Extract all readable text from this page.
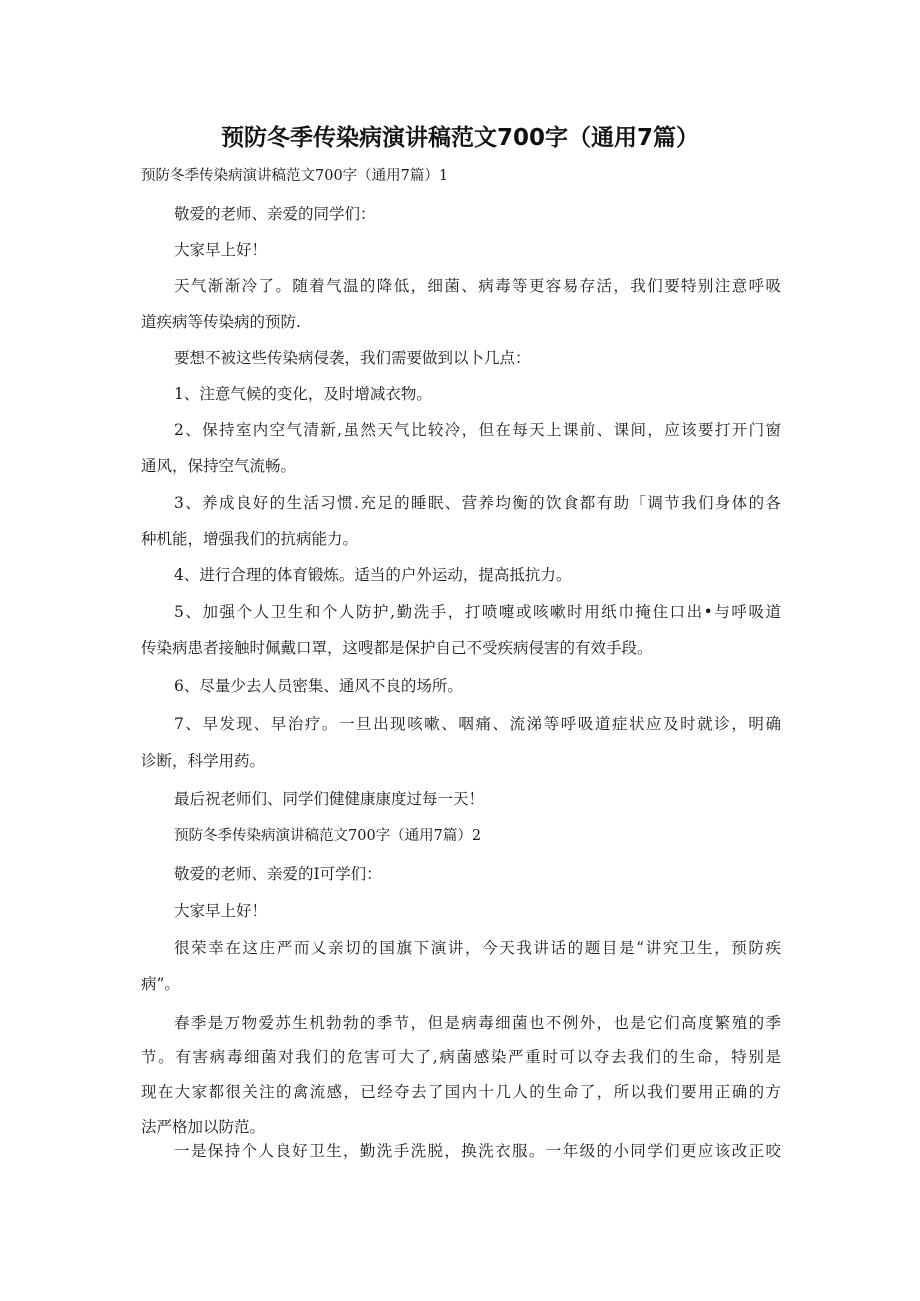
预防冬季传染病演讲稿范文700字（通用7篇）

预防冬季传染病演讲稿范文700字（通用7篇）1

敬爱的老师、亲爱的同学们：

大家早上好！

天气渐渐冷了。随着气温的降低，细菌、病毒等更容易存活，我们要特别注意呼吸

道疾病等传染病的预防.

要想不被这些传染病侵袭，我们需要做到以卜几点：

1、注意气候的变化，及时增减衣物。

2、保持室内空气清新,虽然天气比较冷，但在每天上课前、课间，应该要打开门窗

通风，保持空气流畅。

3、养成良好的生活习惯.充足的睡眠、营养均衡的饮食都有助「调节我们身体的各

种机能，增强我们的抗病能力。

4、进行合理的体育锻炼。适当的户外运动，提高抵抗力。

5、加强个人卫生和个人防护,勤洗手，打喷嚏或咳嗽时用纸巾掩住口出•与呼吸道

传染病患者接触时佩戴口罩，这嗖都是保护自己不受疾病侵害的有效手段。

6、尽量少去人员密集、通风不良的场所。

7、早发现、早治疗。一旦出现咳嗽、咽痛、流涕等呼吸道症状应及时就诊，明确

诊断，科学用药。

最后祝老师们、同学们健健康康度过每一天！

预防冬季传染病演讲稿范文700字（通用7篇）2

敬爱的老师、亲爱的I可学们：

大家早上好！

很荣幸在这庄严而乂亲切的国旗下演讲，今天我讲话的题目是“讲究卫生，预防疾

病”。

春季是万物爱苏生机勃勃的季节，但是病毒细菌也不例外，也是它们高度繁殖的季

节。有害病毒细菌对我们的危害可大了,病菌感染严重时可以夺去我们的生命，特别是

现在大家都很关注的禽流感，已经夺去了国内十几人的生命了，所以我们要用正确的方

法严格加以防范。

一是保持个人良好卫生，勤洗手洗脱，换洗衣服。一年级的小同学们更应该改正咬
